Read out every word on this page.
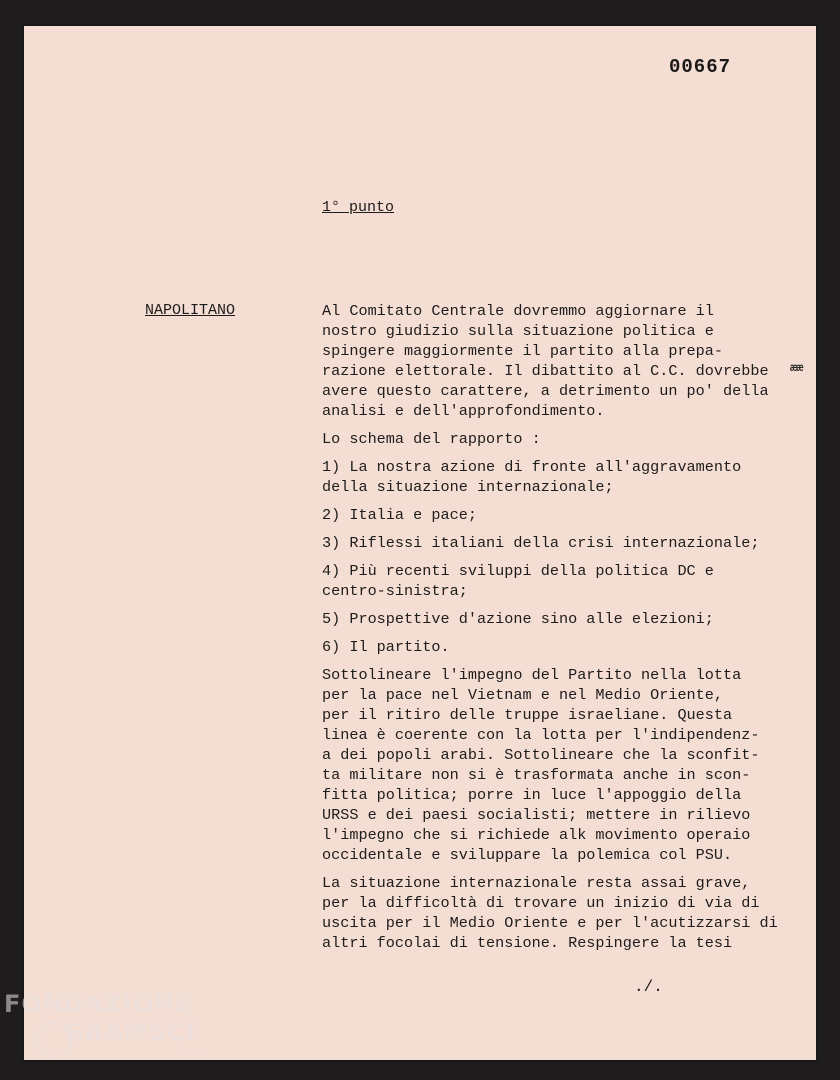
00667
1° punto
NAPOLITANO
ææ

Al Comitato Centrale dovremmo aggiornare il
nostro giudizio sulla situazione politica e
spingere maggiormente il partito alla prepa-
razione elettorale. Il dibattito al C.C. dovrebbe
avere questo carattere, a detrimento un po' della
analisi e dell'approfondimento.

Lo schema del rapporto :

1) La nostra azione di fronte all'aggravamento
della situazione internazionale;

2) Italia e pace;

3) Riflessi italiani della crisi internazionale;

4) Più recenti sviluppi della politica DC e
centro-sinistra;

5) Prospettive d'azione sino alle elezioni;

6) Il partito.

Sottolineare l'impegno del Partito nella lotta
per la pace nel Vietnam e nel Medio Oriente,
per il ritiro delle truppe israeliane. Questa
linea è coerente con la lotta per l'indipendenz-
a dei popoli arabi. Sottolineare che la sconfit-
ta militare non si è trasformata anche in scon-
fitta politica; porre in luce l'appoggio della
URSS e dei paesi socialisti; mettere in rilievo
l'impegno che si richiede alk movimento operaio
occidentale e sviluppare la polemica col PSU.

La situazione internazionale resta assai grave,
per la difficoltà di trovare un inizio di via di
uscita per il Medio Oriente e per l'acutizzarsi di
altri focolai di tensione. Respingere la tesi

./.
FONDAZIONE
GRAMSCI
onlus
